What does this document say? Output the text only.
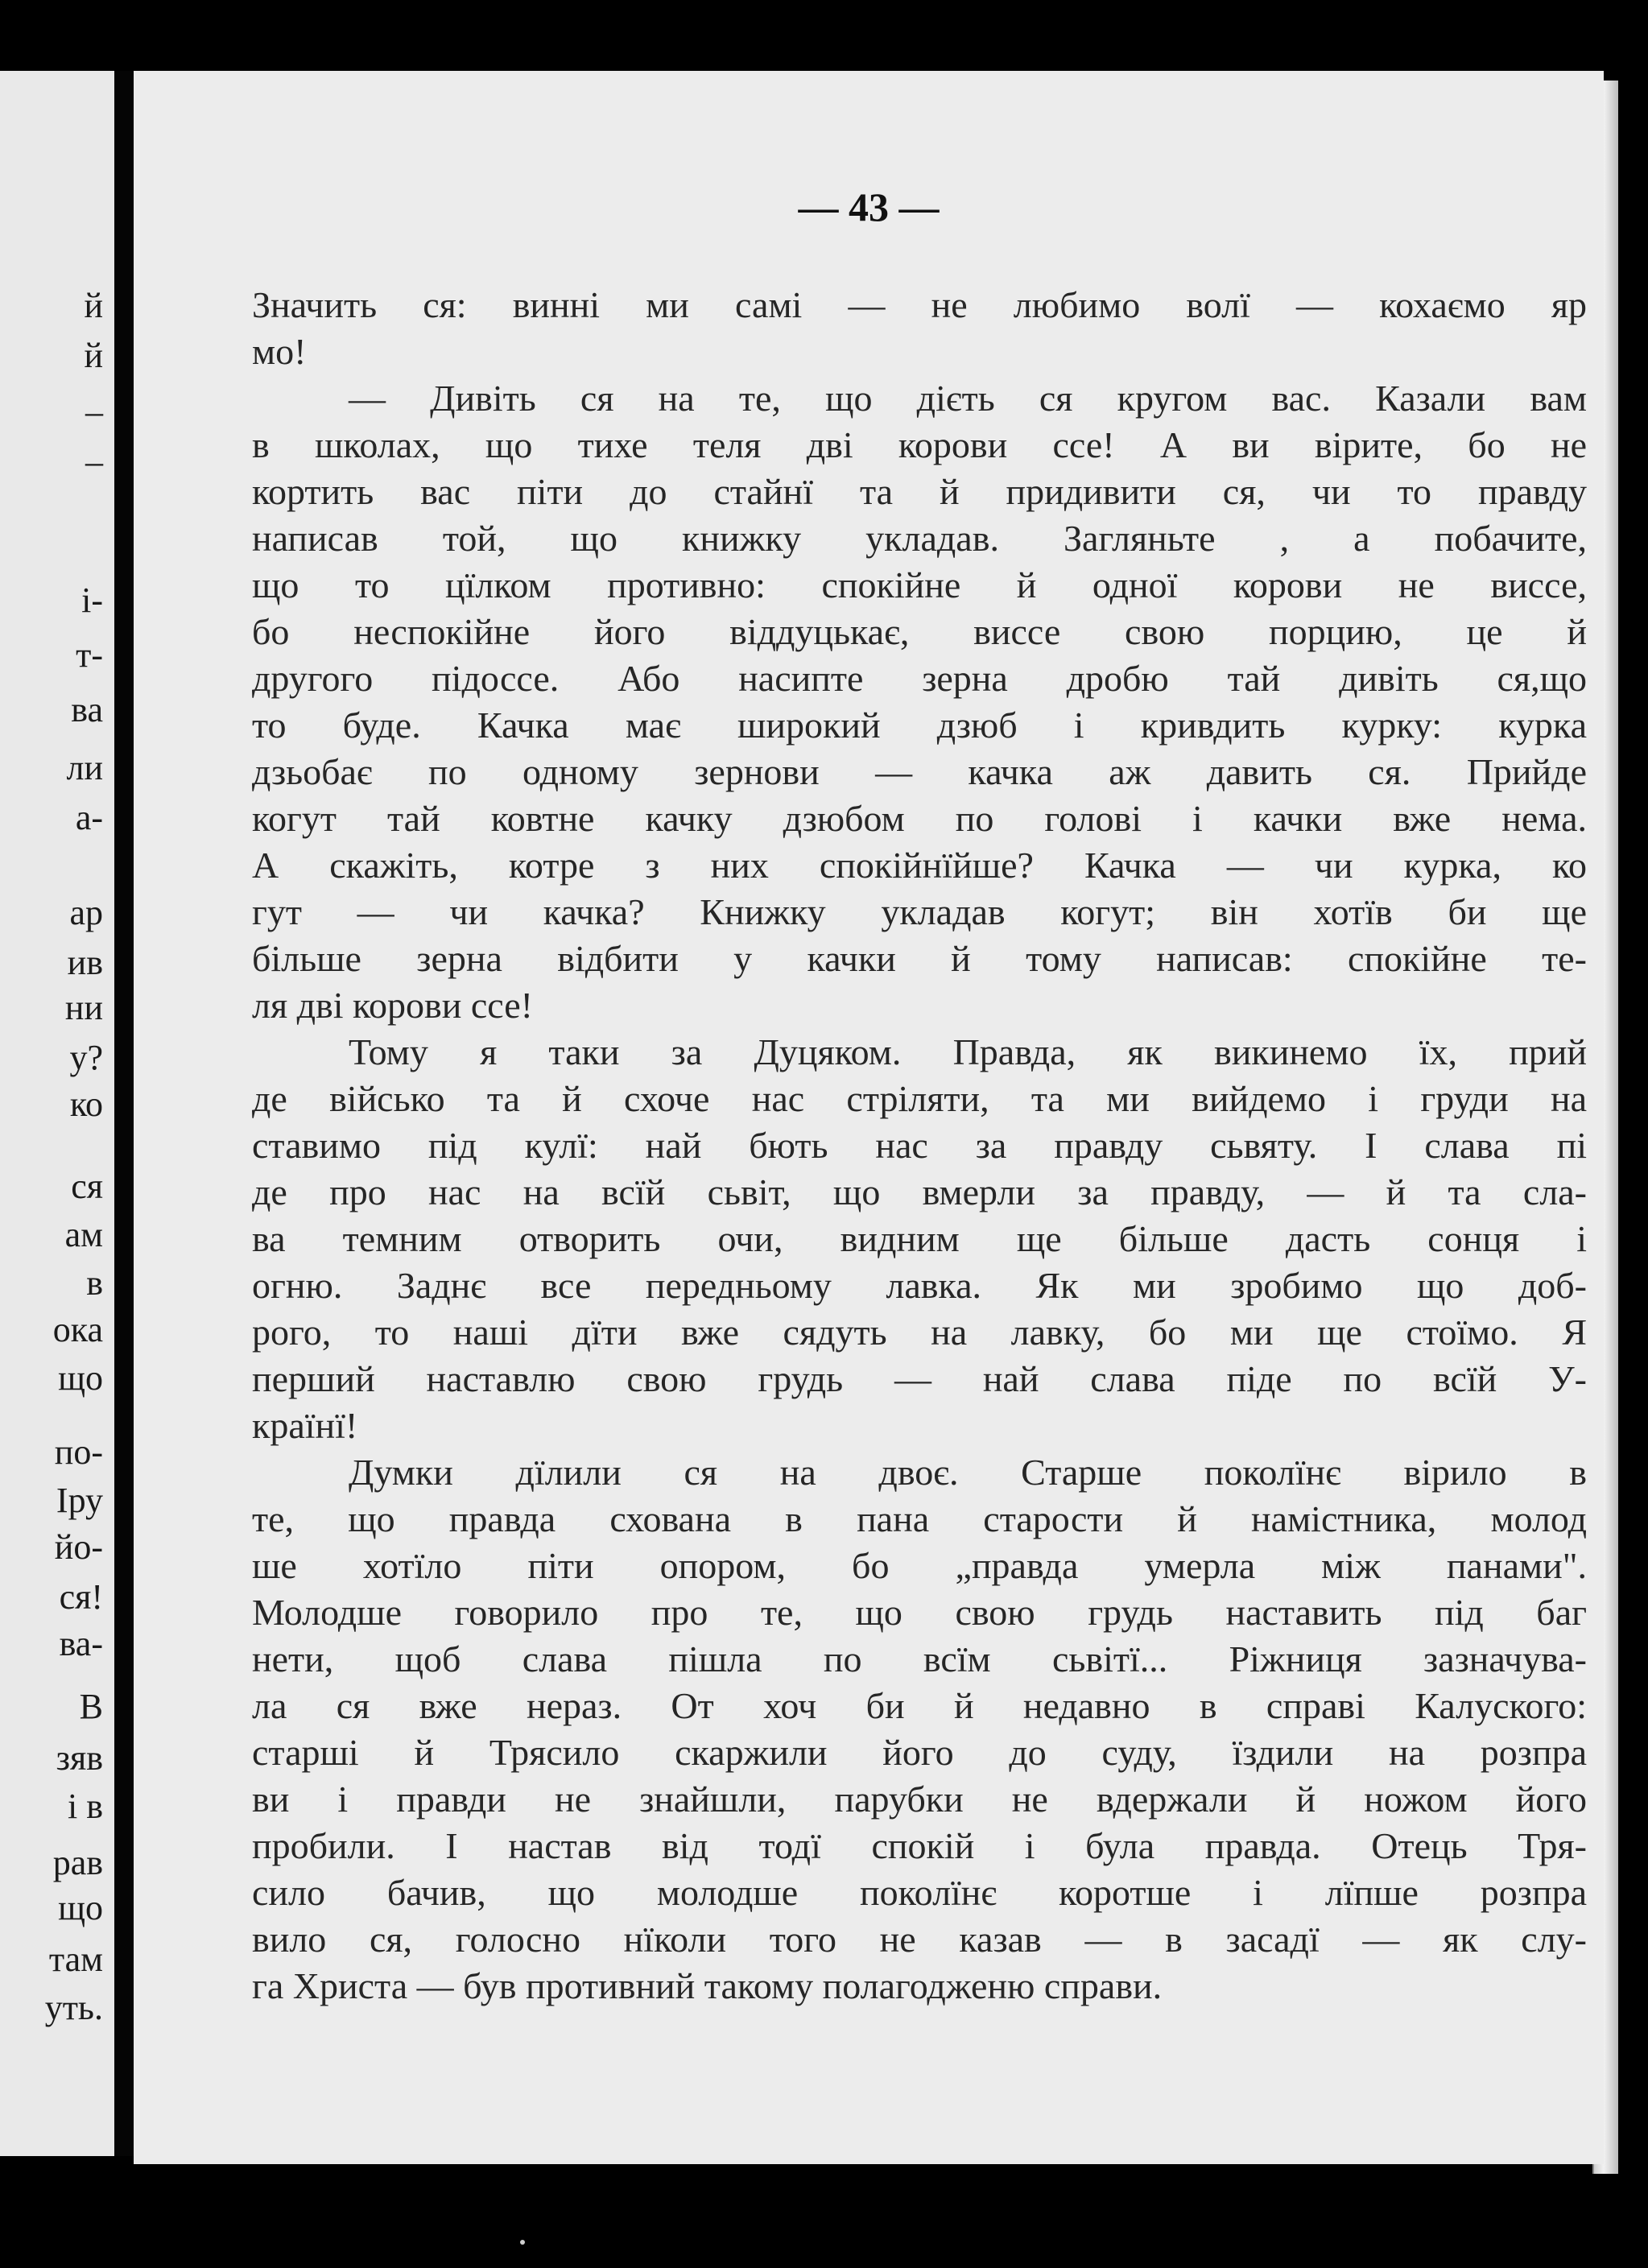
й
й
–
–
і-
т-
ва
ли
а-
ар
ив
ни
у?
ко
ся
ам
в
ока
що
по-
Іру
йо-
ся!
ва-
В
зяв
і в
рав
що
там
уть.
— 43 —
Значить ся: винні ми самі — не любимо волї — кохаємо яр
мо!
— Дивіть ся на те, що дієть ся кругом вас. Казали вам
в школах, що тихе теля дві корови ссе! А ви вірите, бо не
кортить вас піти до стайнї та й придивити ся, чи то правду
написав той, що книжку укладав. Загляньте , а побачите,
що то цїлком противно: спокійне й одної корови не виссе,
бо неспокійне його віддуцькає, виссе свою порцию, це й
другого підоссе. Або насипте зерна дробю тай дивіть ся,що
то буде. Качка має широкий дзюб і кривдить курку: курка
дзьобає по одному зернови — качка аж давить ся. Прийде
когут тай ковтне качку дзюбом по голові і качки вже нема.
А скажіть, котре з них спокійнїйше? Качка — чи курка, ко
гут — чи качка? Книжку укладав когут; він хотїв би ще
більше зерна відбити у качки й тому написав: спокійне те-
ля дві корови ссе!
Тому я таки за Дуцяком. Правда, як викинемо їх, прий
де військо та й схоче нас стріляти, та ми вийдемо і груди на
ставимо під кулї: най бють нас за правду сьвяту. І слава пі
де про нас на всїй сьвіт, що вмерли за правду, — й та сла-
ва темним отворить очи, видним ще більше дасть сонця і
огню. Заднє все передньому лавка. Як ми зробимо що доб-
рого, то наші дїти вже сядуть на лавку, бо ми ще стоїмо. Я
перший наставлю свою грудь — най слава піде по всїй У-
країнї!
Думки дїлили ся на двоє. Старше поколїнє вірило в
те, що правда схована в пана старости й намістника, молод
ше хотїло піти опором, бо „правда умерла між панами".
Молодше говорило про те, що свою грудь наставить під баг
нети, щоб слава пішла по всїм сьвітї... Ріжниця зазначува-
ла ся вже нераз. От хоч би й недавно в справі Калуского:
старші й Трясило скаржили його до суду, їздили на розпра
ви і правди не знайшли, парубки не вдержали й ножом його
пробили. І настав від тодї спокій і була правда. Отець Тря-
сило бачив, що молодше поколїнє коротше і лїпше розпра
вило ся, голосно нїколи того не казав — в засадї — як слу-
га Христа — був противний такому полагодженю справи.
